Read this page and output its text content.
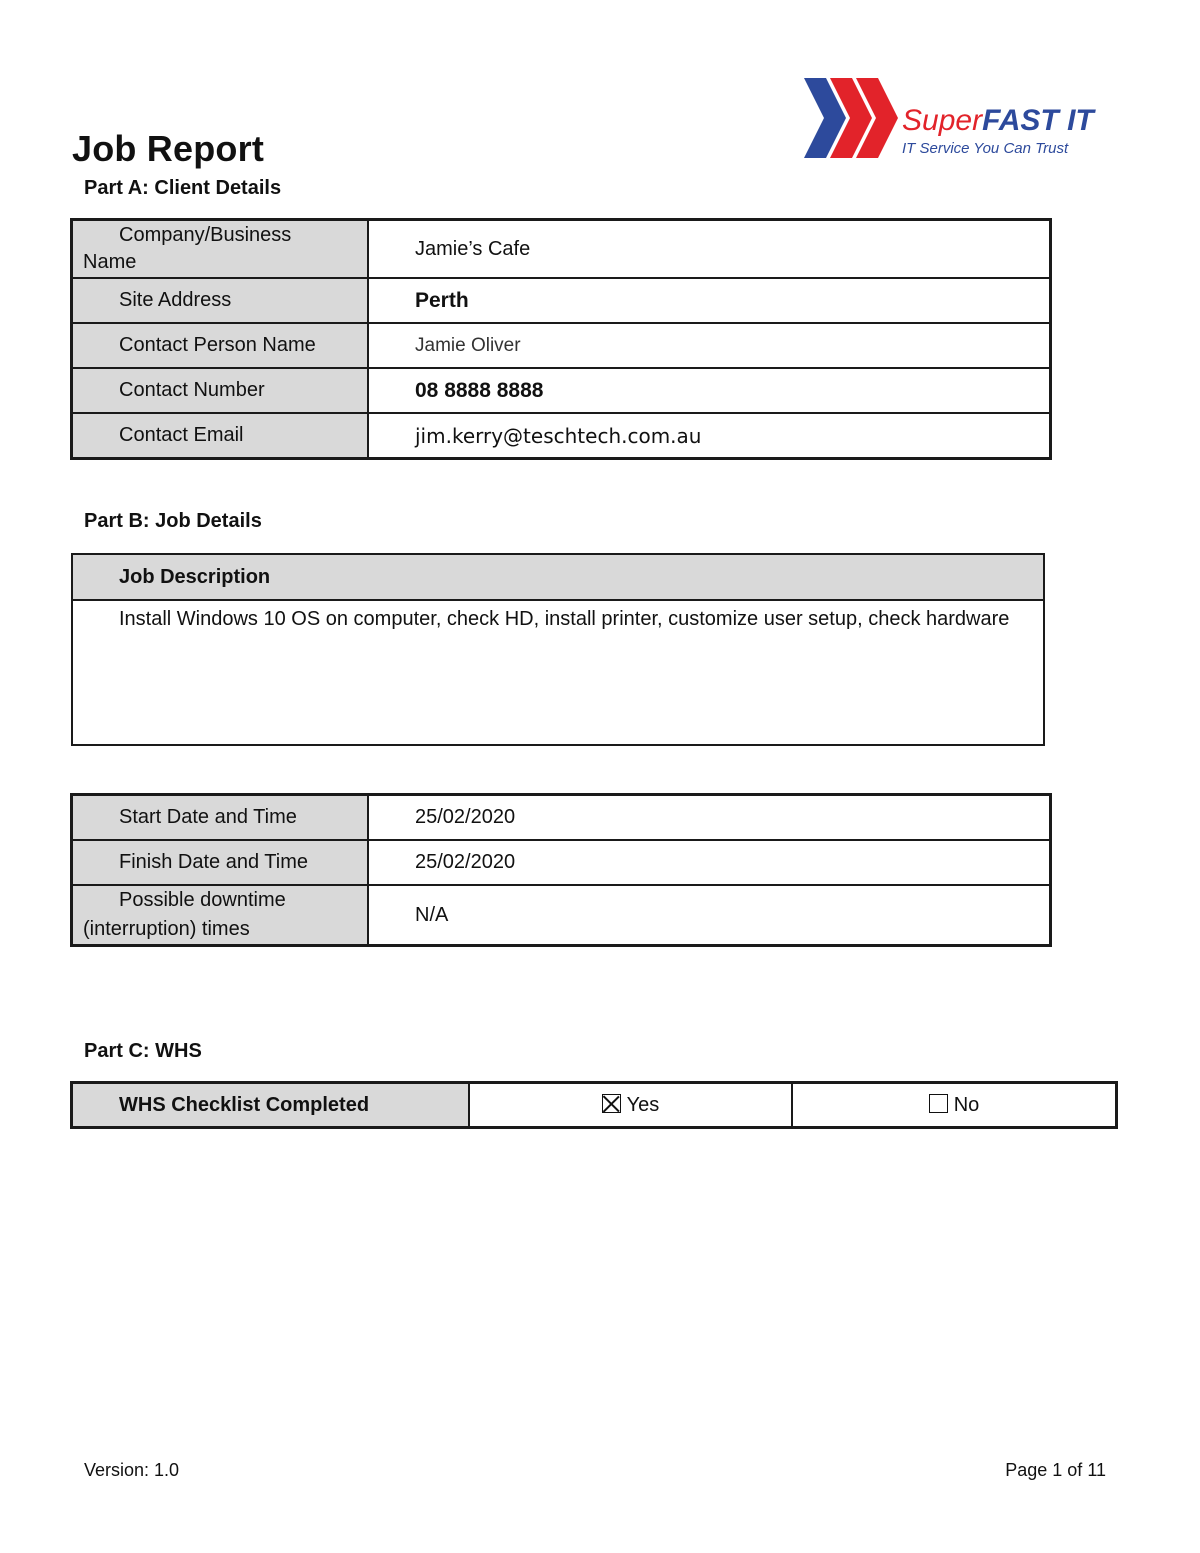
SuperFAST IT
IT Service You Can Trust
Job Report
Part A: Client Details
Company/Business
Name	Jamie’s Cafe
Site Address	Perth
Contact Person Name	Jamie Oliver
Contact Number	08 8888 8888
Contact Email	jim.kerry@teschtech.com.au
Part B: Job Details
Job Description
Install Windows 10 OS on computer, check HD, install printer, customize user setup, check hardware
Start Date and Time	25/02/2020
Finish Date and Time	25/02/2020
Possible downtime
(interruption) times	N/A
Part C: WHS
WHS Checklist Completed	Yes	No
Version: 1.0	Page 1 of 11
